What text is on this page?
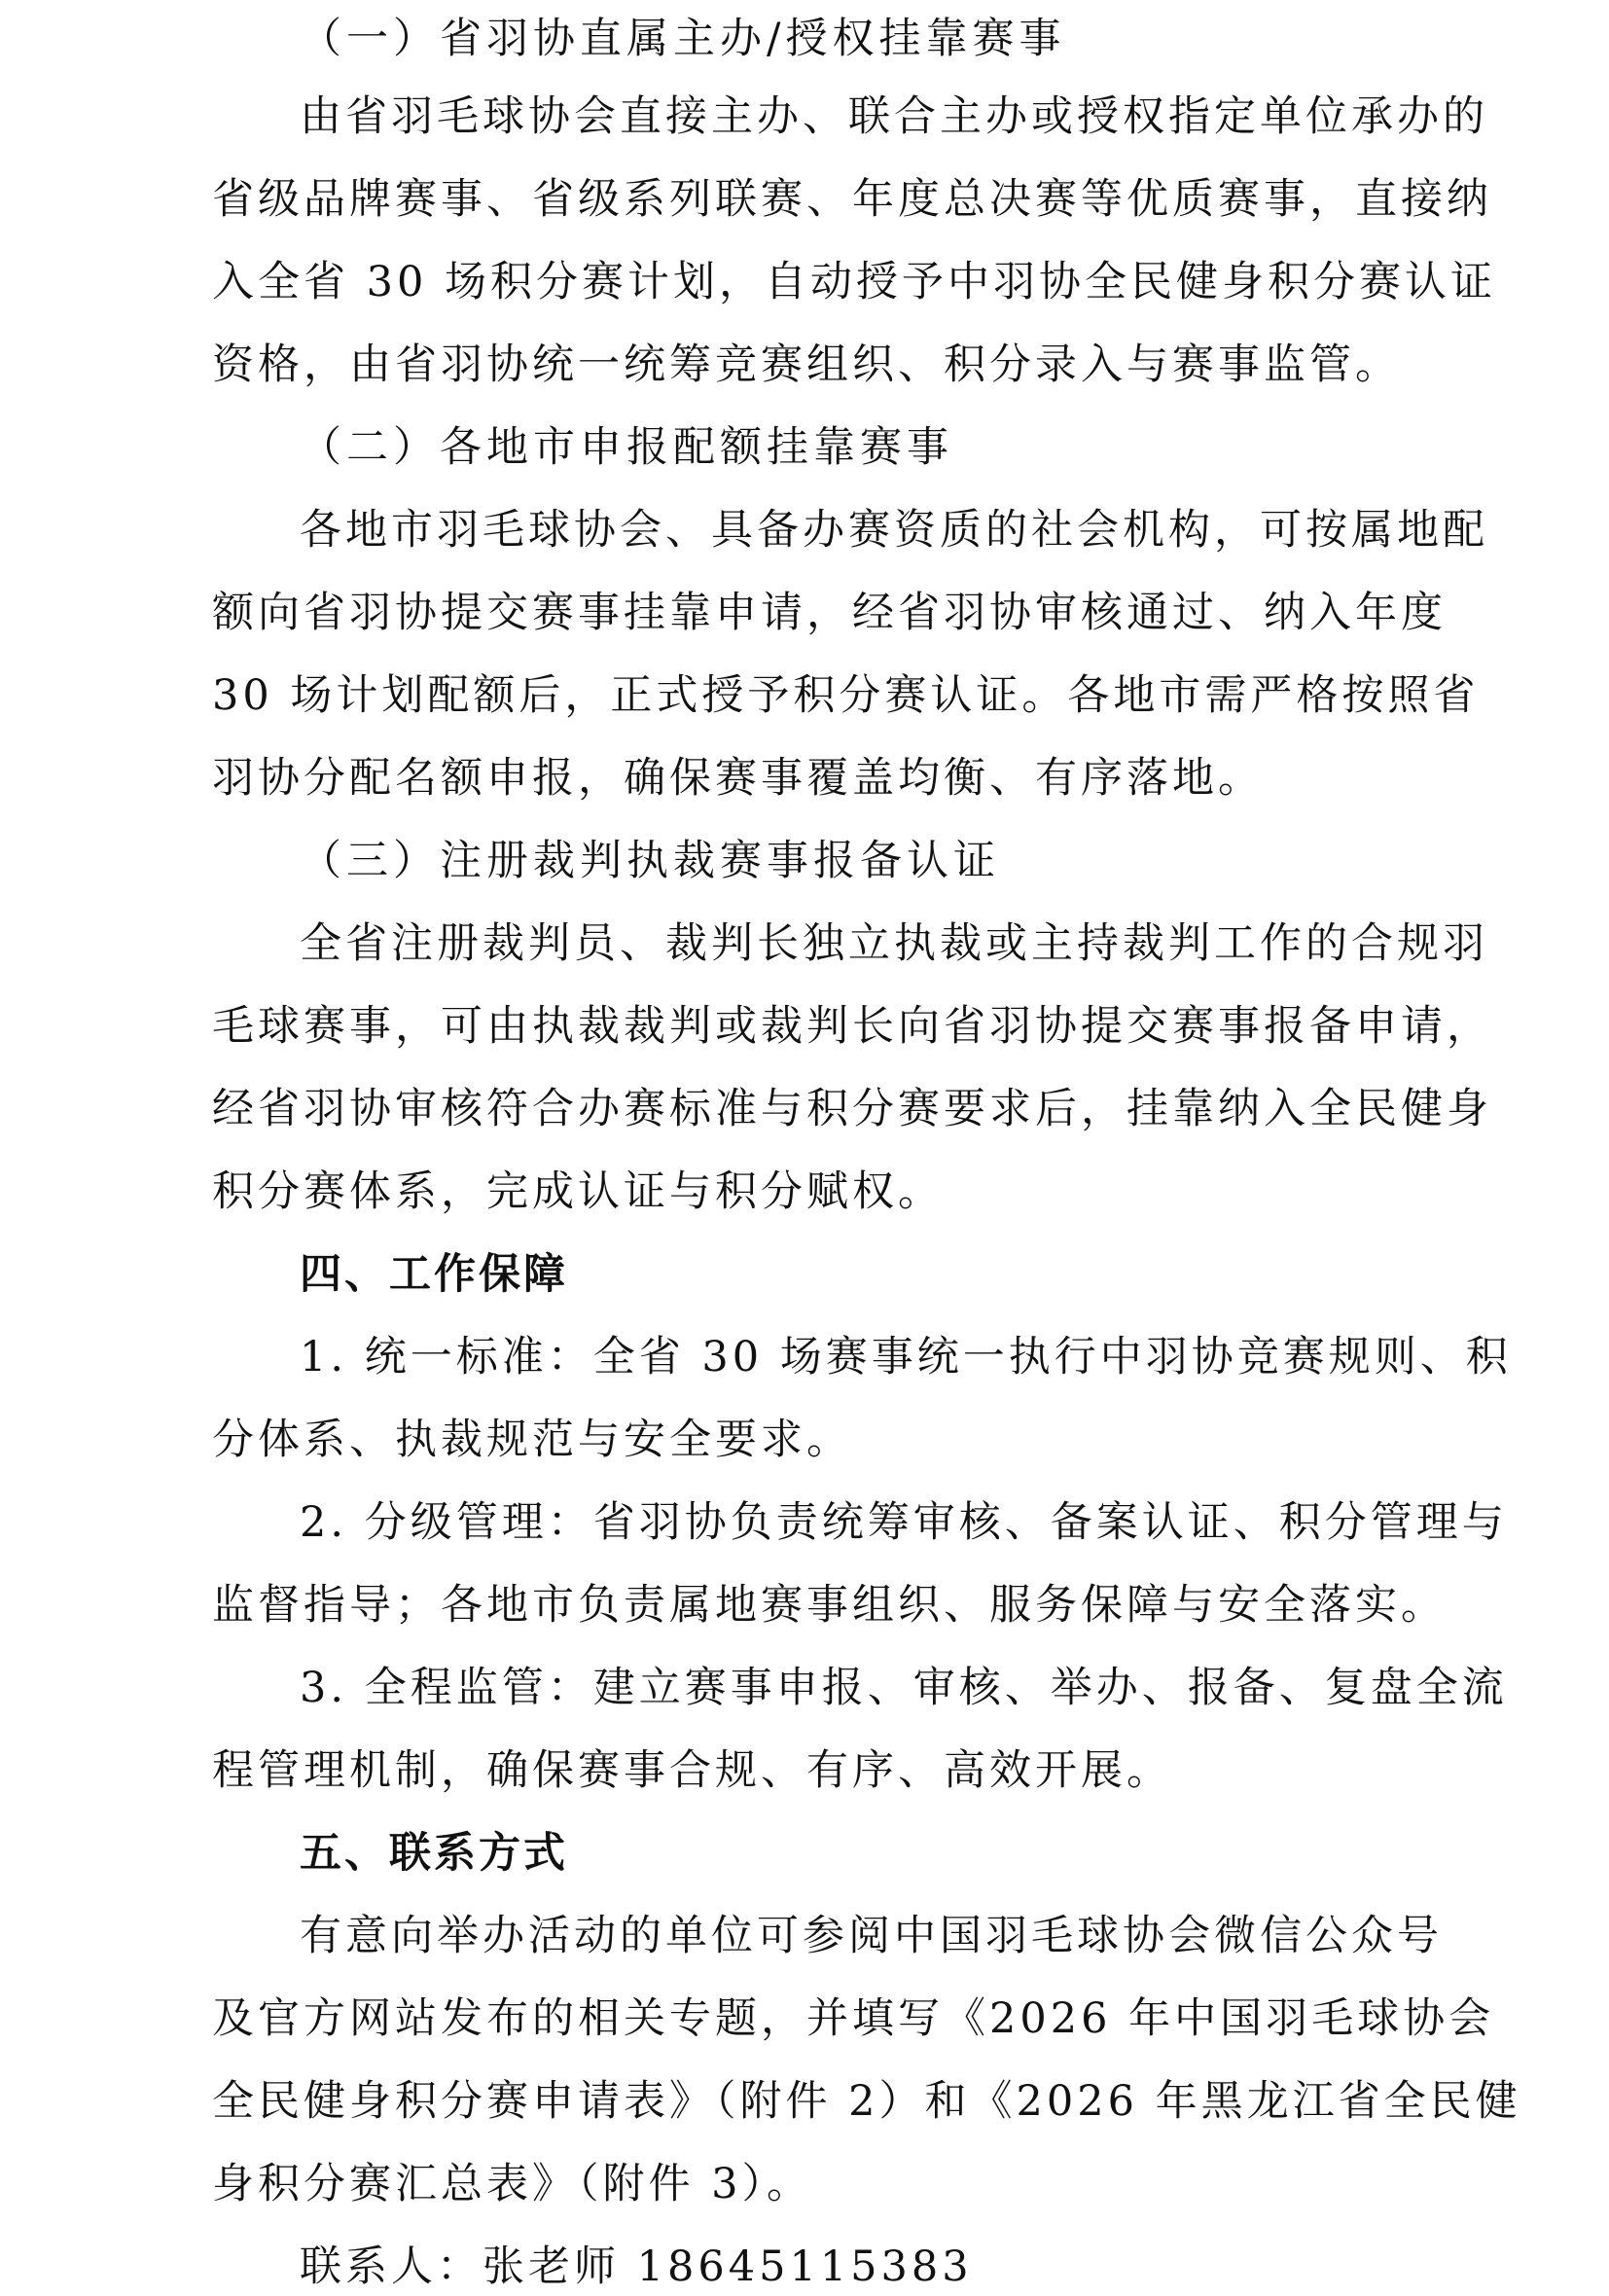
（一）省羽协直属主办/授权挂靠赛事
由省羽毛球协会直接主办、联合主办或授权指定单位承办的
省级品牌赛事、省级系列联赛、年度总决赛等优质赛事，直接纳
入全省 30 场积分赛计划，自动授予中羽协全民健身积分赛认证
资格，由省羽协统一统筹竞赛组织、积分录入与赛事监管。
（二）各地市申报配额挂靠赛事
各地市羽毛球协会、具备办赛资质的社会机构，可按属地配
额向省羽协提交赛事挂靠申请，经省羽协审核通过、纳入年度
30 场计划配额后，正式授予积分赛认证。各地市需严格按照省
羽协分配名额申报，确保赛事覆盖均衡、有序落地。
（三）注册裁判执裁赛事报备认证
全省注册裁判员、裁判长独立执裁或主持裁判工作的合规羽
毛球赛事，可由执裁裁判或裁判长向省羽协提交赛事报备申请，
经省羽协审核符合办赛标准与积分赛要求后，挂靠纳入全民健身
积分赛体系，完成认证与积分赋权。
四、工作保障
1. 统一标准：全省 30 场赛事统一执行中羽协竞赛规则、积
分体系、执裁规范与安全要求。
2. 分级管理：省羽协负责统筹审核、备案认证、积分管理与
监督指导；各地市负责属地赛事组织、服务保障与安全落实。
3. 全程监管：建立赛事申报、审核、举办、报备、复盘全流
程管理机制，确保赛事合规、有序、高效开展。
五、联系方式
有意向举办活动的单位可参阅中国羽毛球协会微信公众号
及官方网站发布的相关专题，并填写《2026 年中国羽毛球协会
全民健身积分赛申请表》（附件 2）和《2026 年黑龙江省全民健
身积分赛汇总表》（附件 3）。
联系人：张老师 18645115383
